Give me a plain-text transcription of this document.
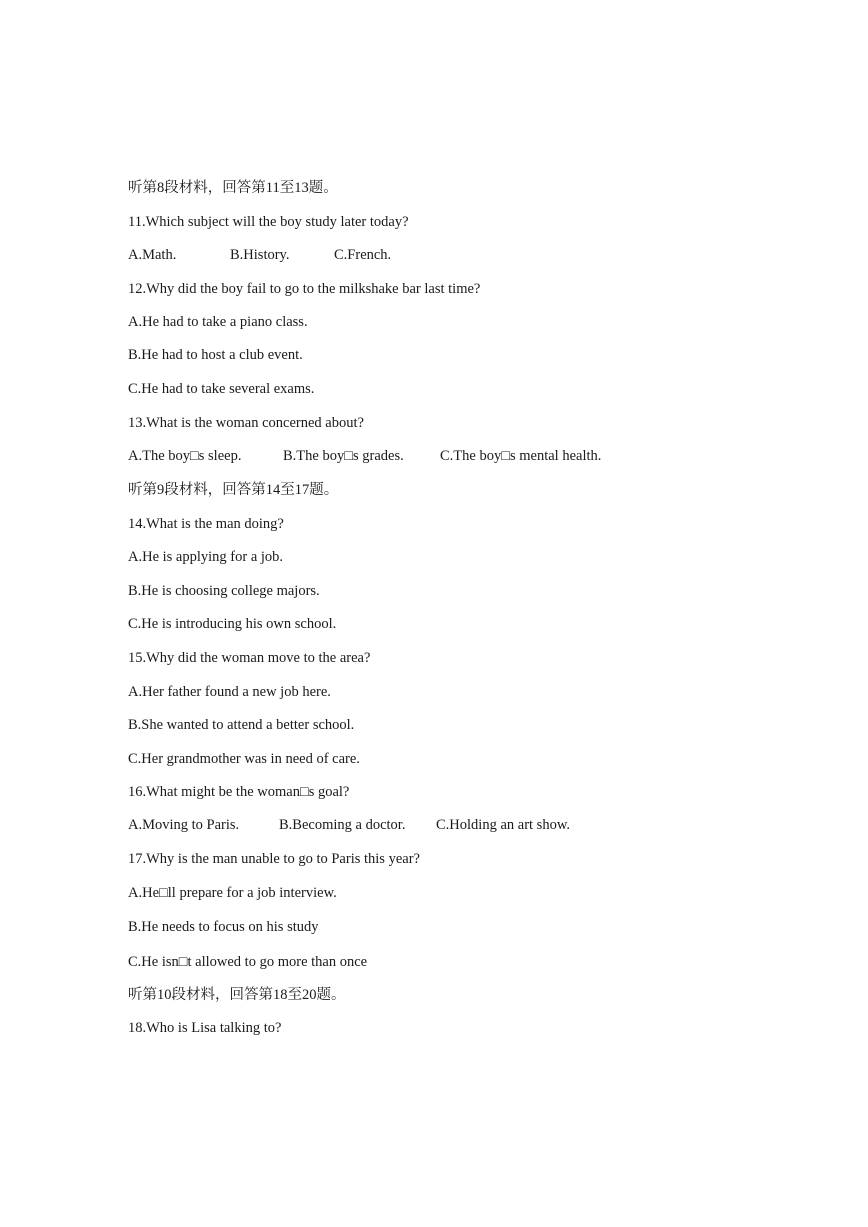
听第8段材料，回答第11至13题。
11.Which subject will the boy study later today?
A.Math.	B.History.	C.French.
12.Why did the boy fail to go to the milkshake bar last time?
A.He had to take a piano class.
B.He had to host a club event.
C.He had to take several exams.
13.What is the woman concerned about?
A.The boy□s sleep.	B.The boy□s grades.	C.The boy□s mental health.
听第9段材料，回答第14至17题。
14.What is the man doing?
A.He is applying for a job.
B.He is choosing college majors.
C.He is introducing his own school.
15.Why did the woman move to the area?
A.Her father found a new job here.
B.She wanted to attend a better school.
C.Her grandmother was in need of care.
16.What might be the woman□s goal?
A.Moving to Paris.	B.Becoming a doctor. C.Holding an art show.
17.Why is the man unable to go to Paris this year?
A.He□ll prepare for a job interview.
B.He needs to focus on his study
C.He isn□t allowed to go more than once
听第10段材料，回答第18至20题。
18.Who is Lisa talking to?
